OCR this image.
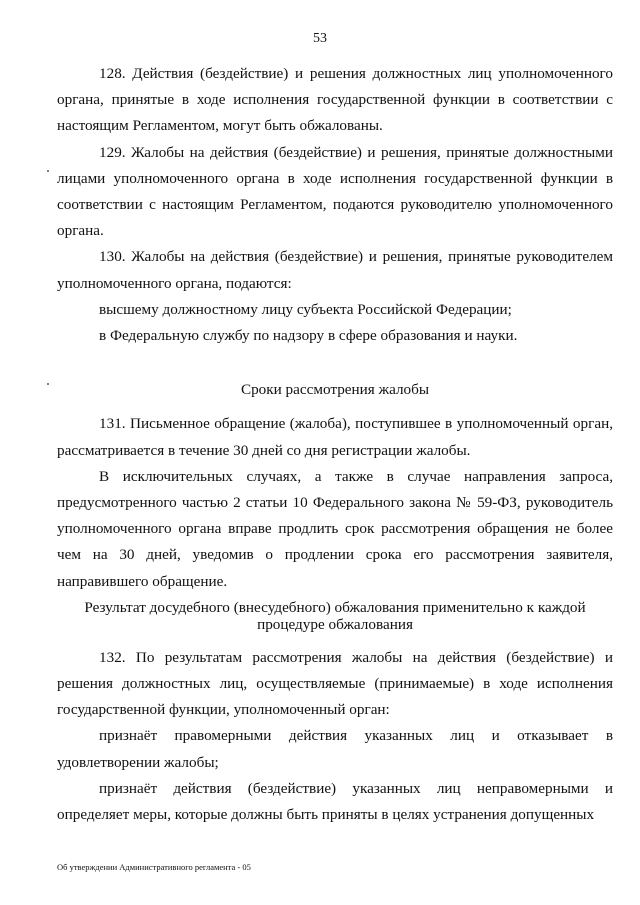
53

128. Действия (бездействие) и решения должностных лиц уполномоченного органа, принятые в ходе исполнения государственной функции в соответствии с настоящим Регламентом, могут быть обжалованы.

129. Жалобы на действия (бездействие) и решения, принятые должностными лицами уполномоченного органа в ходе исполнения государственной функции в соответствии с настоящим Регламентом, подаются руководителю уполномоченного органа.

130. Жалобы на действия (бездействие) и решения, принятые руководителем уполномоченного органа, подаются:

высшему должностному лицу субъекта Российской Федерации;

в Федеральную службу по надзору в сфере образования и науки.

Сроки рассмотрения жалобы

131. Письменное обращение (жалоба), поступившее в уполномоченный орган, рассматривается в течение 30 дней со дня регистрации жалобы.

В исключительных случаях, а также в случае направления запроса, предусмотренного частью 2 статьи 10 Федерального закона № 59-ФЗ, руководитель уполномоченного органа вправе продлить срок рассмотрения обращения не более чем на 30 дней, уведомив о продлении срока его рассмотрения заявителя, направившего обращение.

Результат досудебного (внесудебного) обжалования применительно к каждой процедуре обжалования

132. По результатам рассмотрения жалобы на действия (бездействие) и решения должностных лиц, осуществляемые (принимаемые) в ходе исполнения государственной функции, уполномоченный орган:

признаёт правомерными действия указанных лиц и отказывает в удовлетворении жалобы;

признаёт действия (бездействие) указанных лиц неправомерными и определяет меры, которые должны быть приняты в целях устранения допущенных

Об утверждении Административного регламента - 05
